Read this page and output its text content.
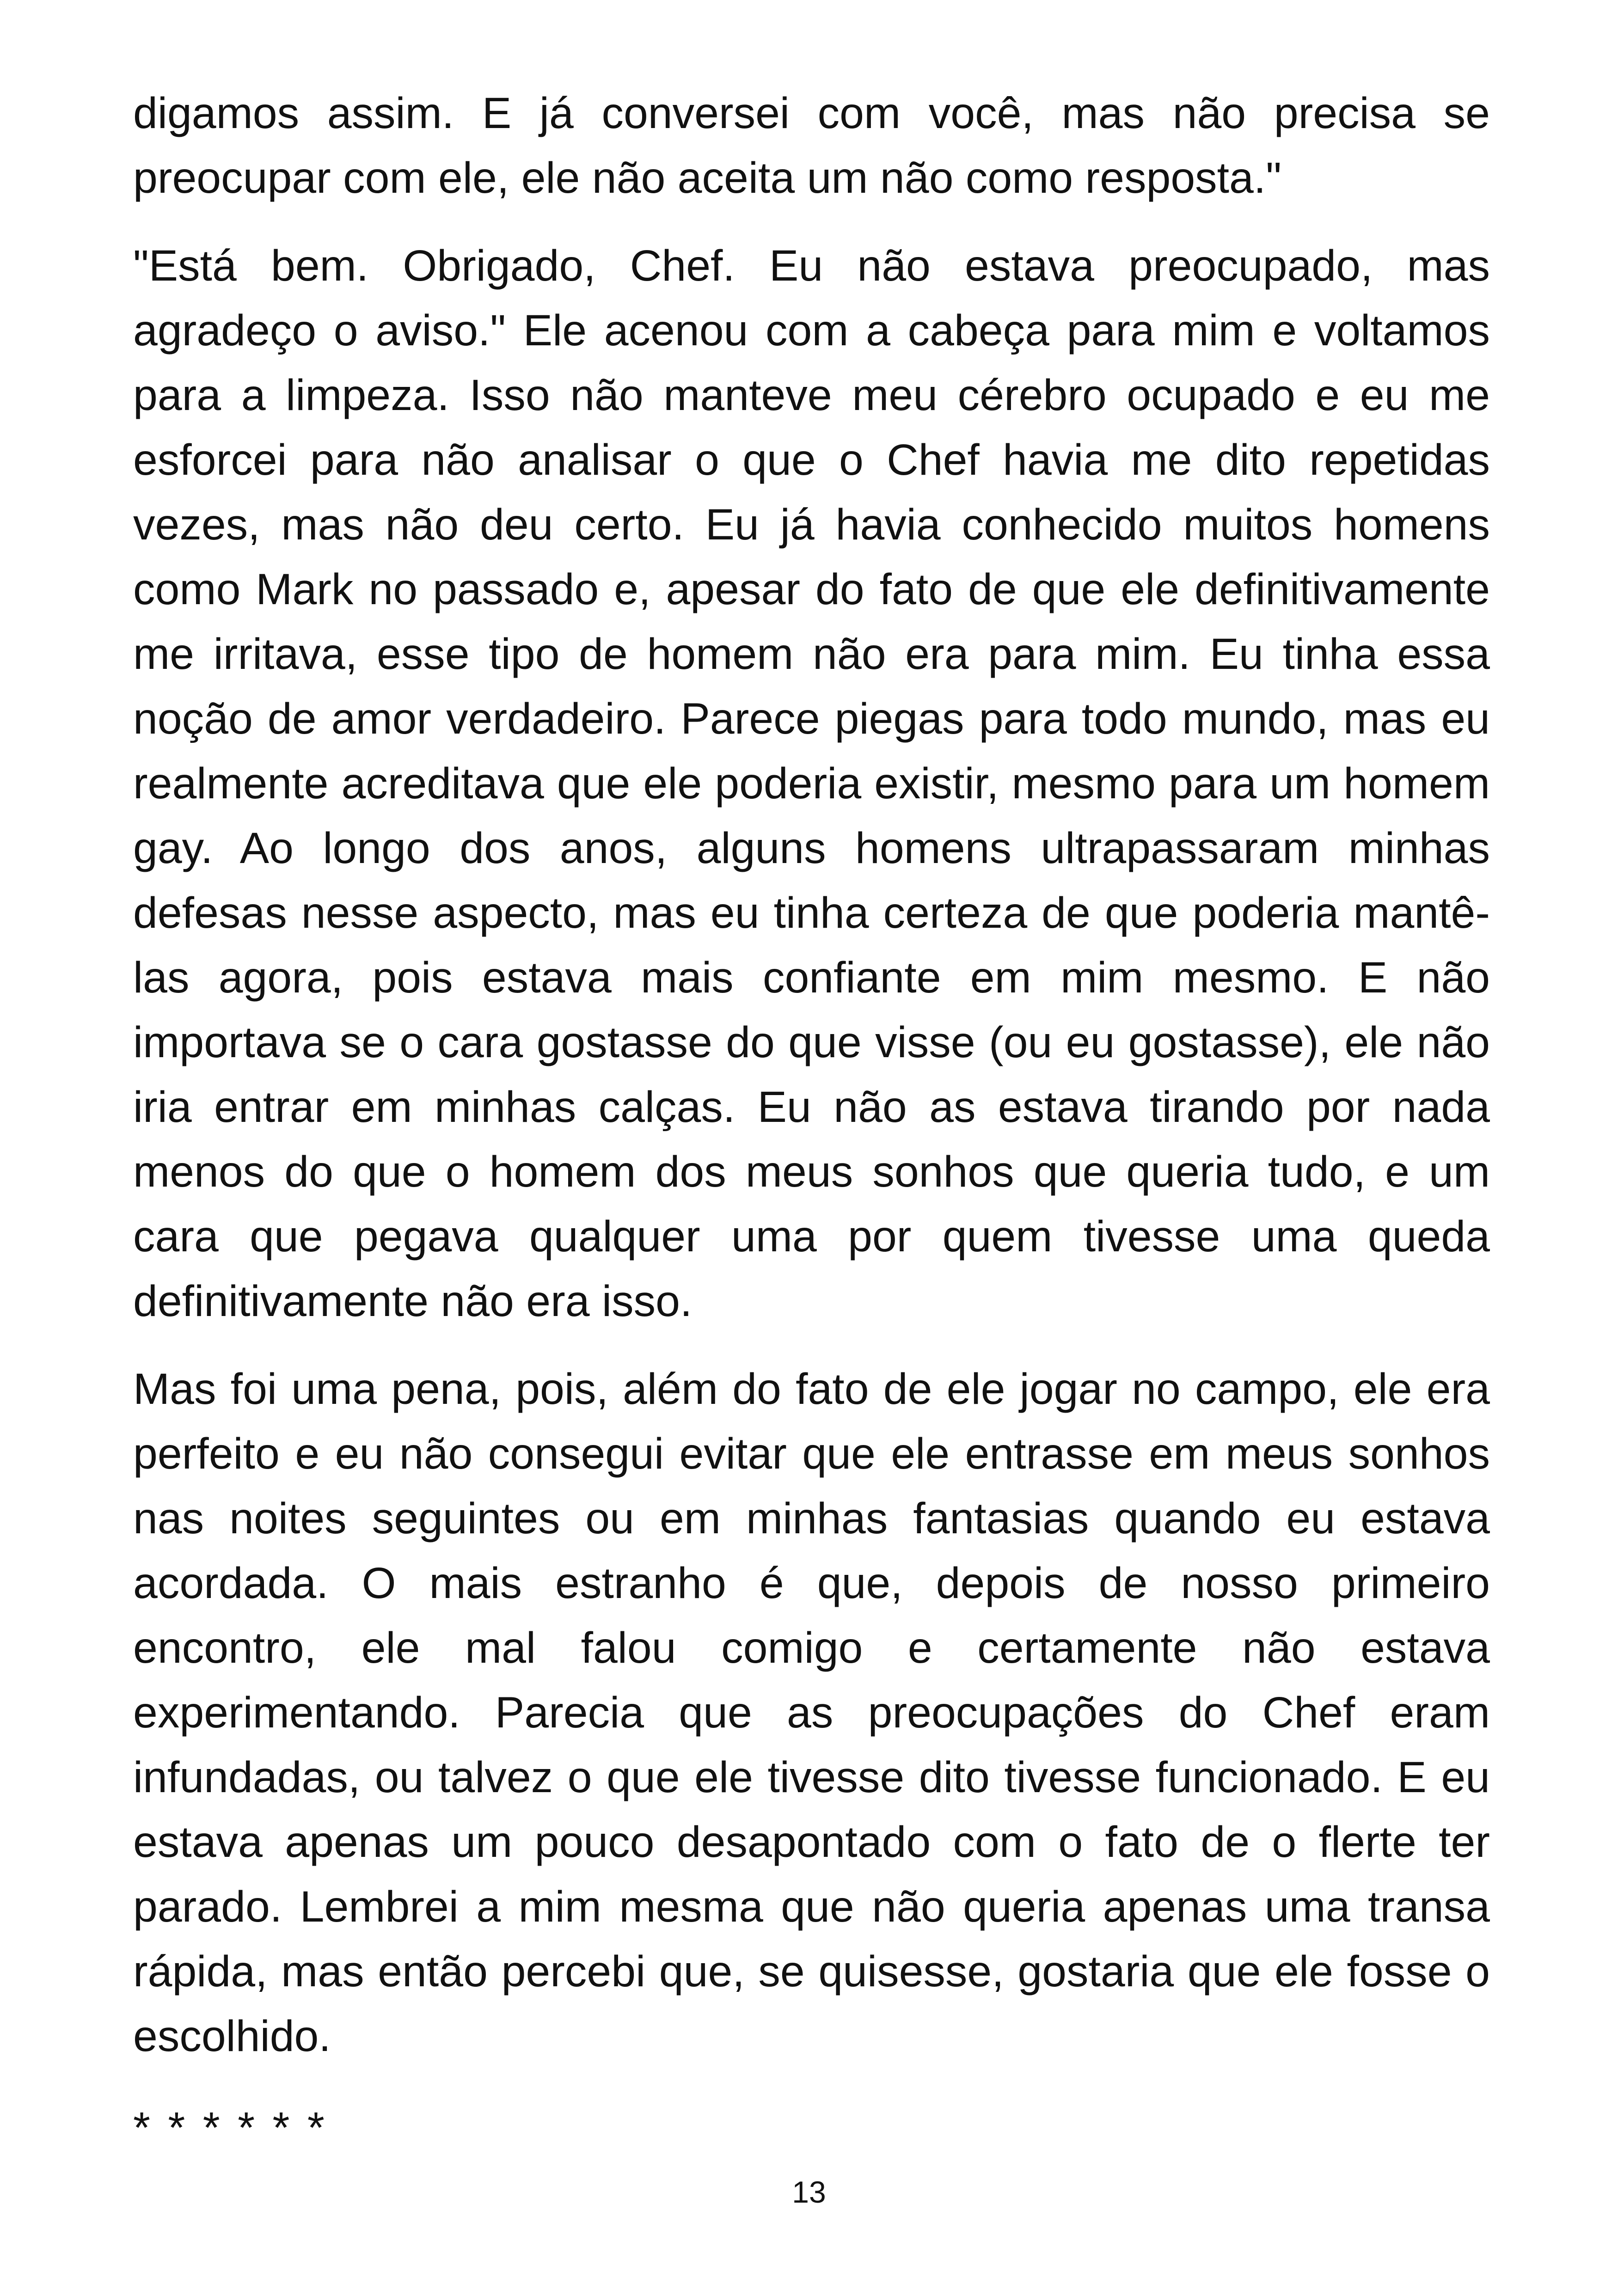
digamos assim. E já conversei com você, mas não precisa se preocupar com ele, ele não aceita um não como resposta."

"Está bem. Obrigado, Chef. Eu não estava preocupado, mas agradeço o aviso." Ele acenou com a cabeça para mim e voltamos para a limpeza. Isso não manteve meu cérebro ocupado e eu me esforcei para não analisar o que o Chef havia me dito repetidas vezes, mas não deu certo. Eu já havia conhecido muitos homens como Mark no passado e, apesar do fato de que ele definitivamente me irritava, esse tipo de homem não era para mim. Eu tinha essa noção de amor verdadeiro. Parece piegas para todo mundo, mas eu realmente acreditava que ele poderia existir, mesmo para um homem gay. Ao longo dos anos, alguns homens ultrapassaram minhas defesas nesse aspecto, mas eu tinha certeza de que poderia mantê-las agora, pois estava mais confiante em mim mesmo. E não importava se o cara gostasse do que visse (ou eu gostasse), ele não iria entrar em minhas calças. Eu não as estava tirando por nada menos do que o homem dos meus sonhos que queria tudo, e um cara que pegava qualquer uma por quem tivesse uma queda definitivamente não era isso.

Mas foi uma pena, pois, além do fato de ele jogar no campo, ele era perfeito e eu não consegui evitar que ele entrasse em meus sonhos nas noites seguintes ou em minhas fantasias quando eu estava acordada. O mais estranho é que, depois de nosso primeiro encontro, ele mal falou comigo e certamente não estava experimentando. Parecia que as preocupações do Chef eram infundadas, ou talvez o que ele tivesse dito tivesse funcionado. E eu estava apenas um pouco desapontado com o fato de o flerte ter parado. Lembrei a mim mesma que não queria apenas uma transa rápida, mas então percebi que, se quisesse, gostaria que ele fosse o escolhido.

* * * * * *
13
